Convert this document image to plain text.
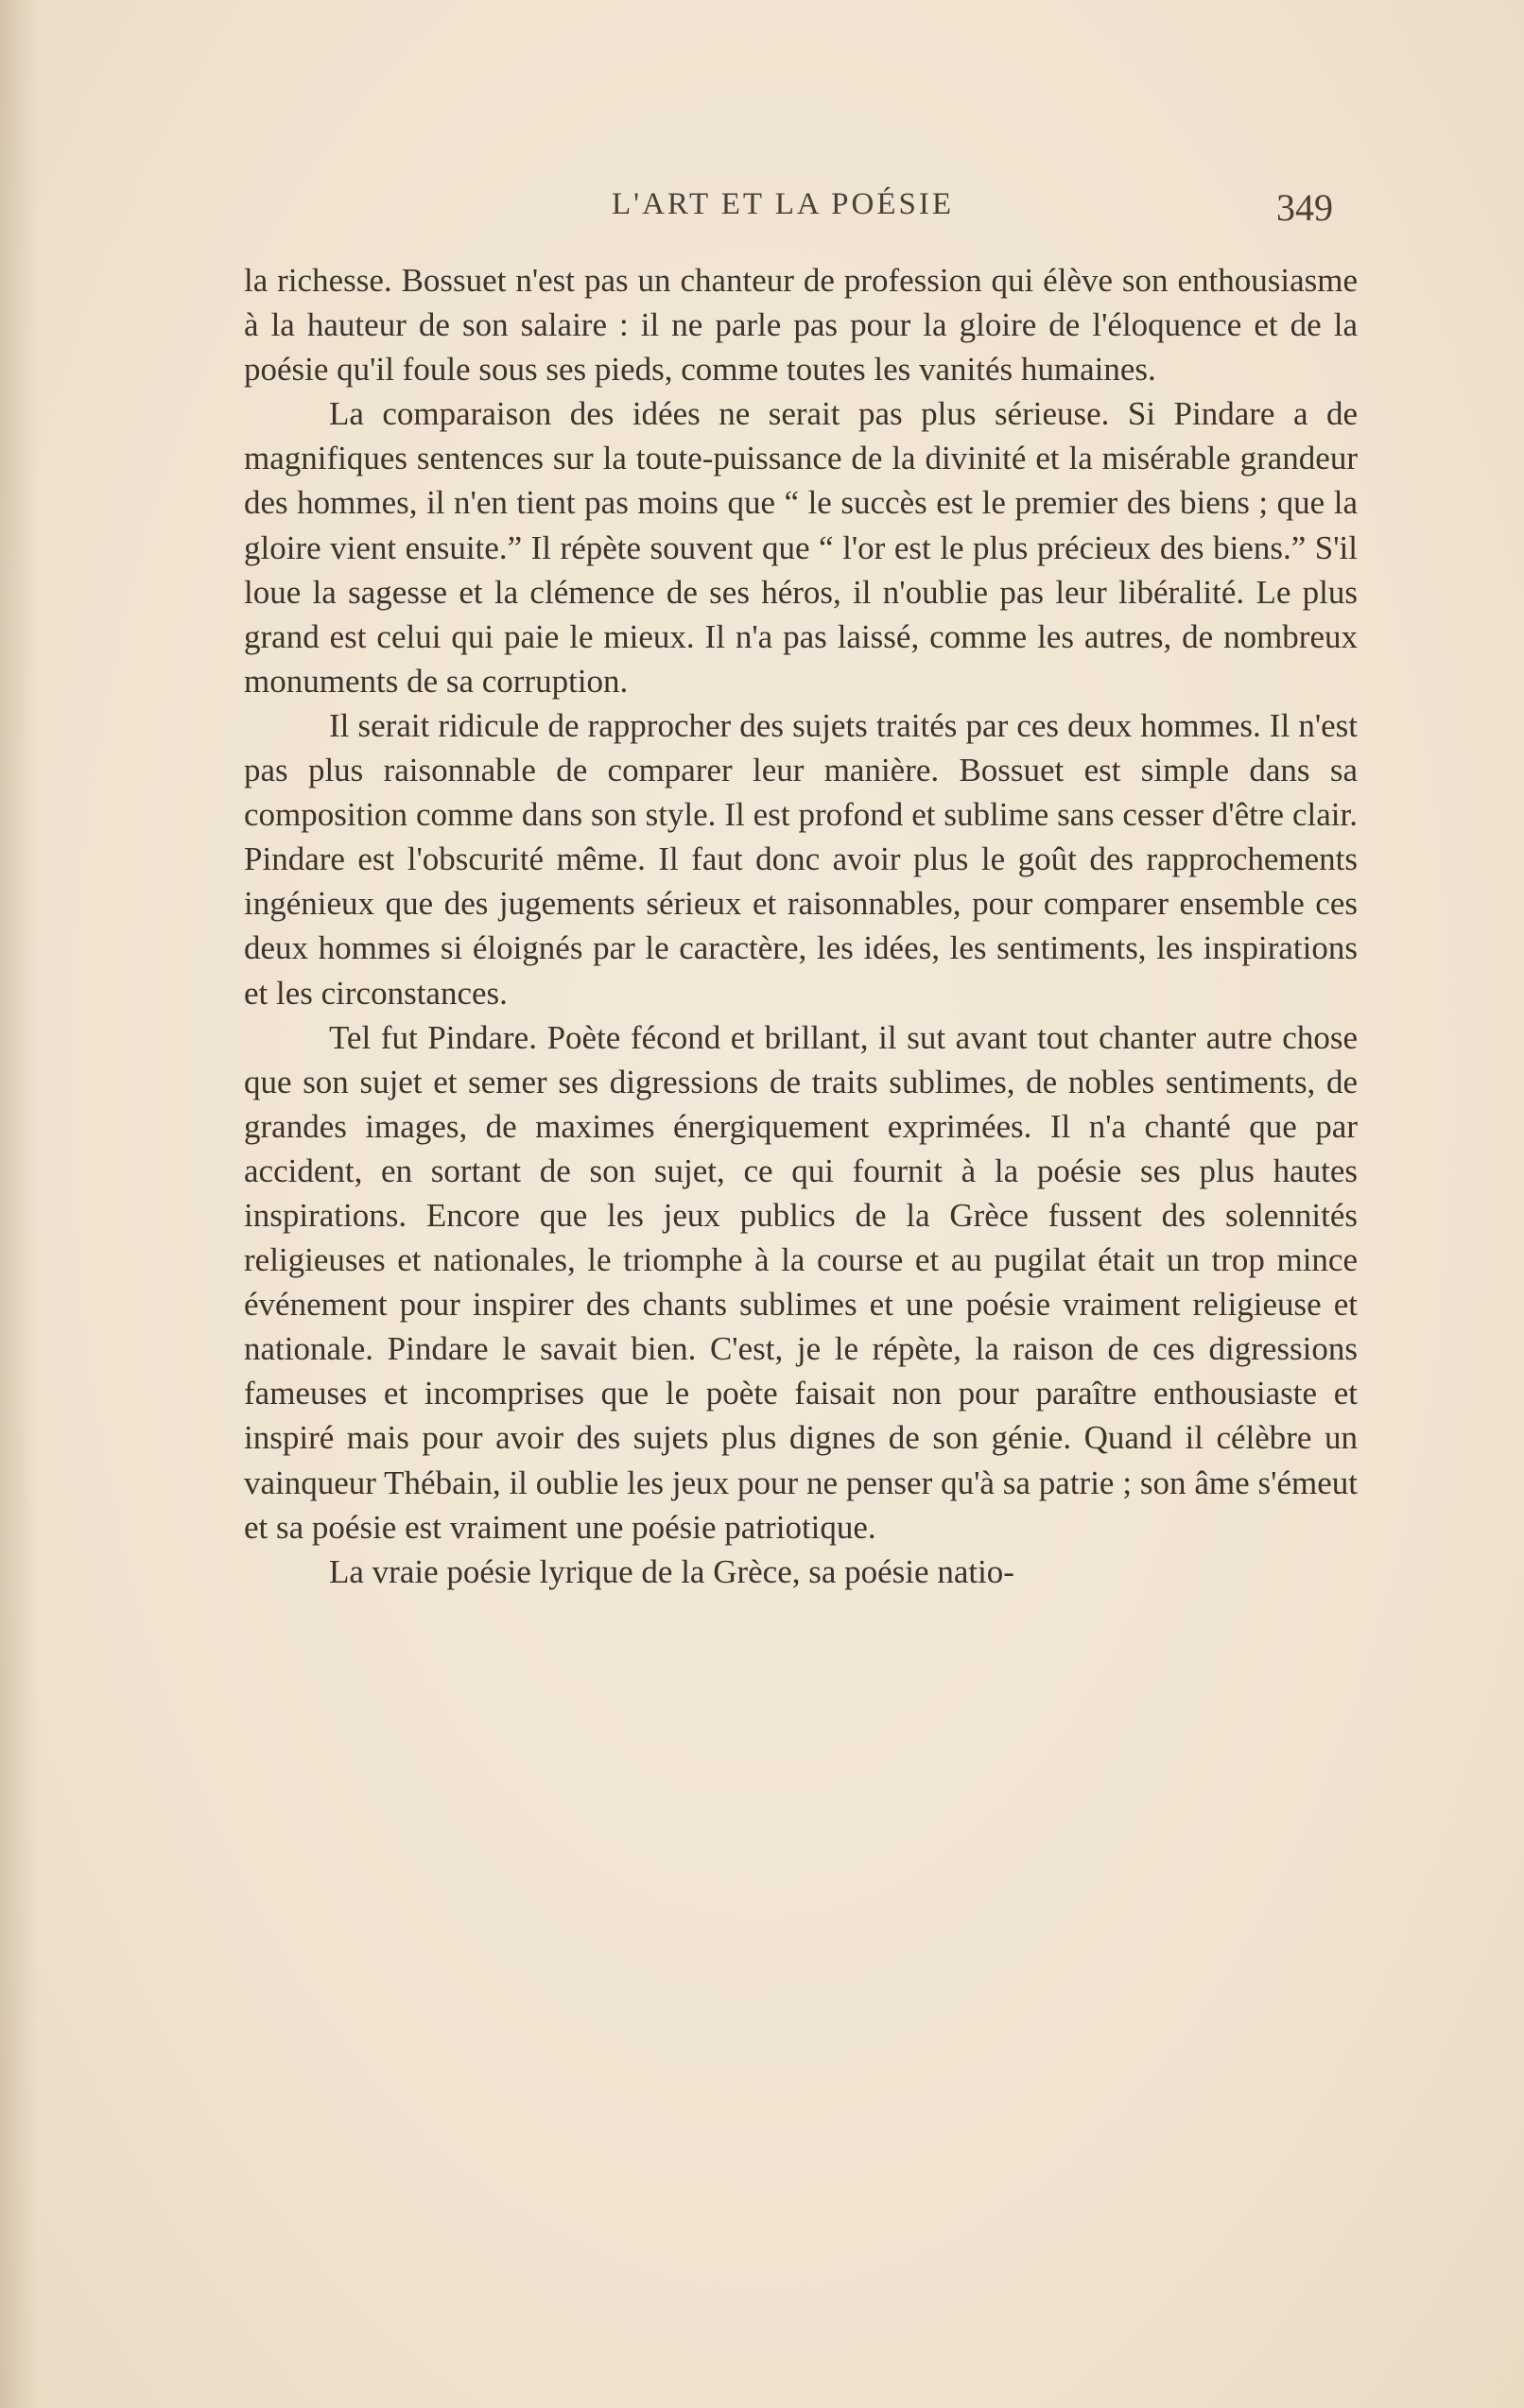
L'ART ET LA POÉSIE	349

la richesse. Bossuet n'est pas un chanteur de profession qui élève son enthousiasme à la hauteur de son salaire : il ne parle pas pour la gloire de l'éloquence et de la poésie qu'il foule sous ses pieds, comme toutes les vanités humaines.

La comparaison des idées ne serait pas plus sérieuse. Si Pindare a de magnifiques sentences sur la toute-puissance de la divinité et la misérable grandeur des hommes, il n'en tient pas moins que “ le succès est le premier des biens ; que la gloire vient ensuite.” Il répète souvent que “ l'or est le plus précieux des biens.” S'il loue la sagesse et la clémence de ses héros, il n'oublie pas leur libéralité. Le plus grand est celui qui paie le mieux. Il n'a pas laissé, comme les autres, de nombreux monuments de sa corruption.

Il serait ridicule de rapprocher des sujets traités par ces deux hommes. Il n'est pas plus raisonnable de comparer leur manière. Bossuet est simple dans sa composition comme dans son style. Il est profond et sublime sans cesser d'être clair. Pindare est l'obscurité même. Il faut donc avoir plus le goût des rapprochements ingénieux que des jugements sérieux et raisonnables, pour comparer ensemble ces deux hommes si éloignés par le caractère, les idées, les sentiments, les inspirations et les circonstances.

Tel fut Pindare. Poète fécond et brillant, il sut avant tout chanter autre chose que son sujet et semer ses digressions de traits sublimes, de nobles sentiments, de grandes images, de maximes énergiquement exprimées. Il n'a chanté que par accident, en sortant de son sujet, ce qui fournit à la poésie ses plus hautes inspirations. Encore que les jeux publics de la Grèce fussent des solennités religieuses et nationales, le triomphe à la course et au pugilat était un trop mince événement pour inspirer des chants sublimes et une poésie vraiment religieuse et nationale. Pindare le savait bien. C'est, je le répète, la raison de ces digressions fameuses et incomprises que le poète faisait non pour paraître enthousiaste et inspiré mais pour avoir des sujets plus dignes de son génie. Quand il célèbre un vainqueur Thébain, il oublie les jeux pour ne penser qu'à sa patrie ; son âme s'émeut et sa poésie est vraiment une poésie patriotique.

La vraie poésie lyrique de la Grèce, sa poésie natio-
